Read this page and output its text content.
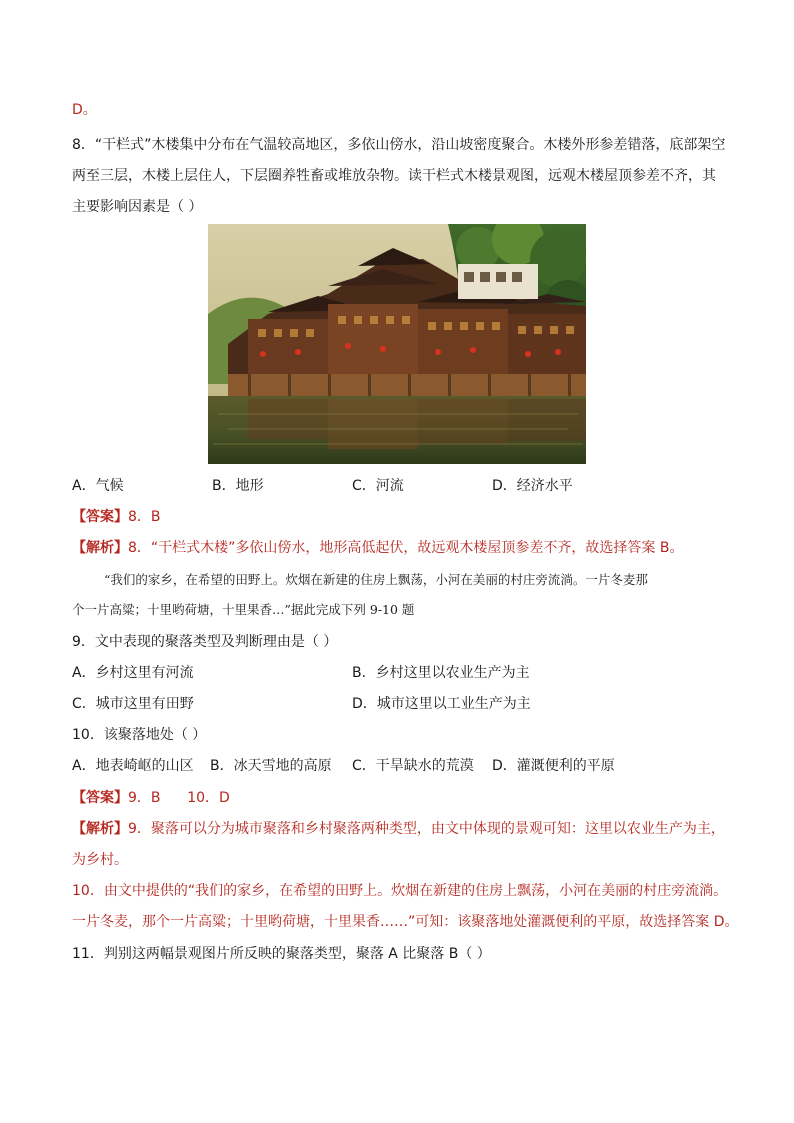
D。
8．“干栏式”木楼集中分布在气温较高地区，多依山傍水，沿山坡密度聚合。木楼外形参差错落，底部架空
两至三层，木楼上层住人，下层圈养牲畜或堆放杂物。读干栏式木楼景观图，远观木楼屋顶参差不齐，其
主要影响因素是（ ）
A．气候	B．地形	C．河流	D．经济水平
【答案】8．B
【解析】8．“干栏式木楼”多依山傍水，地形高低起伏，故远观木楼屋顶参差不齐，故选择答案 B。
“我们的家乡，在希望的田野上。炊烟在新建的住房上飘荡，小河在美丽的村庄旁流淌。一片冬麦那
个一片高粱；十里哟荷塘，十里果香…”据此完成下列 9-10 题
9．文中表现的聚落类型及判断理由是（ ）
A．乡村这里有河流	B．乡村这里以农业生产为主
C．城市这里有田野	D．城市这里以工业生产为主
10．该聚落地处（ ）
A．地表崎岖的山区 B．冰天雪地的高原 C．干旱缺水的荒漠 D．灌溉便利的平原
【答案】9．B      10．D
【解析】9．聚落可以分为城市聚落和乡村聚落两种类型，由文中体现的景观可知：这里以农业生产为主，
为乡村。
10．由文中提供的“我们的家乡，在希望的田野上。炊烟在新建的住房上飘荡，小河在美丽的村庄旁流淌。
一片冬麦，那个一片高粱；十里哟荷塘，十里果香……”可知：该聚落地处灌溉便利的平原，故选择答案 D。
11．判别这两幅景观图片所反映的聚落类型，聚落 A 比聚落 B（ ）
